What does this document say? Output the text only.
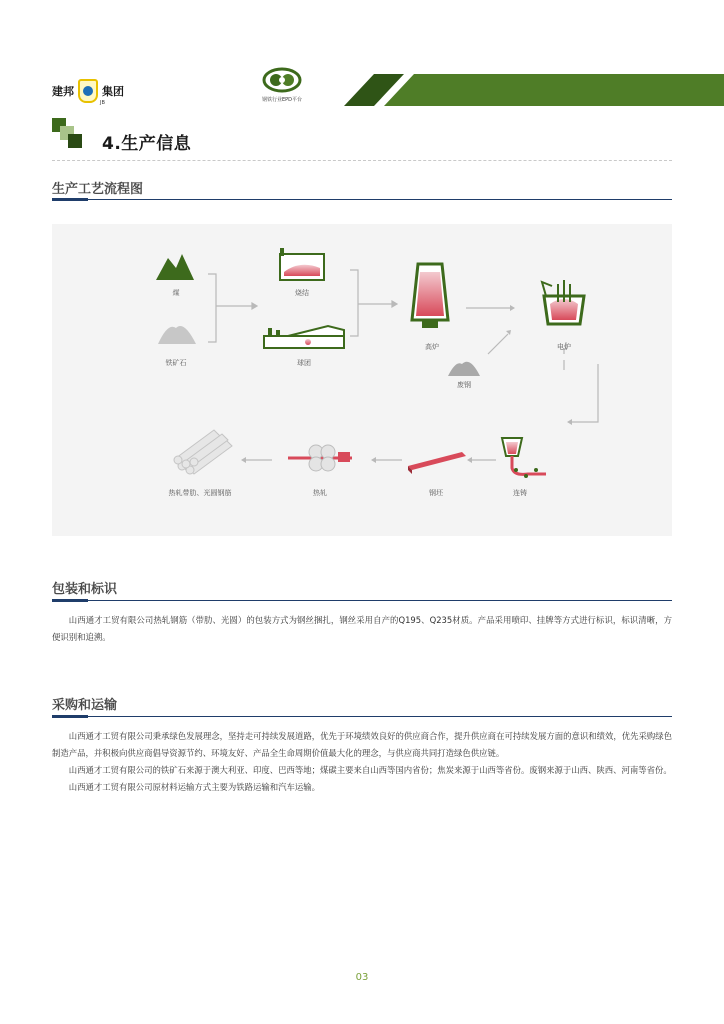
建邦	集团
JB	钢铁行业EPD平台
4.生产信息
生产工艺流程图
煤
铁矿石
烧结
球团
高炉
废钢
电炉
连铸
钢坯
热轧
热轧带肋、光圆钢筋
包装和标识

山西通才工贸有限公司热轧钢筋（带肋、光圆）的包装方式为钢丝捆扎，钢丝采用自产的Q195、Q235材质。产品采用喷印、挂牌等方式进行标识，标识清晰，方便识别和追溯。

采购和运输

山西通才工贸有限公司秉承绿色发展理念，坚持走可持续发展道路，优先于环境绩效良好的供应商合作，提升供应商在可持续发展方面的意识和绩效，优先采购绿色制造产品，并积极向供应商倡导资源节约、环境友好、产品全生命周期价值最大化的理念，与供应商共同打造绿色供应链。

山西通才工贸有限公司的铁矿石来源于澳大利亚、印度、巴西等地；煤碳主要来自山西等国内省份；焦炭来源于山西等省份。废钢来源于山西、陕西、河南等省份。

山西通才工贸有限公司原材料运输方式主要为铁路运输和汽车运输。

03
